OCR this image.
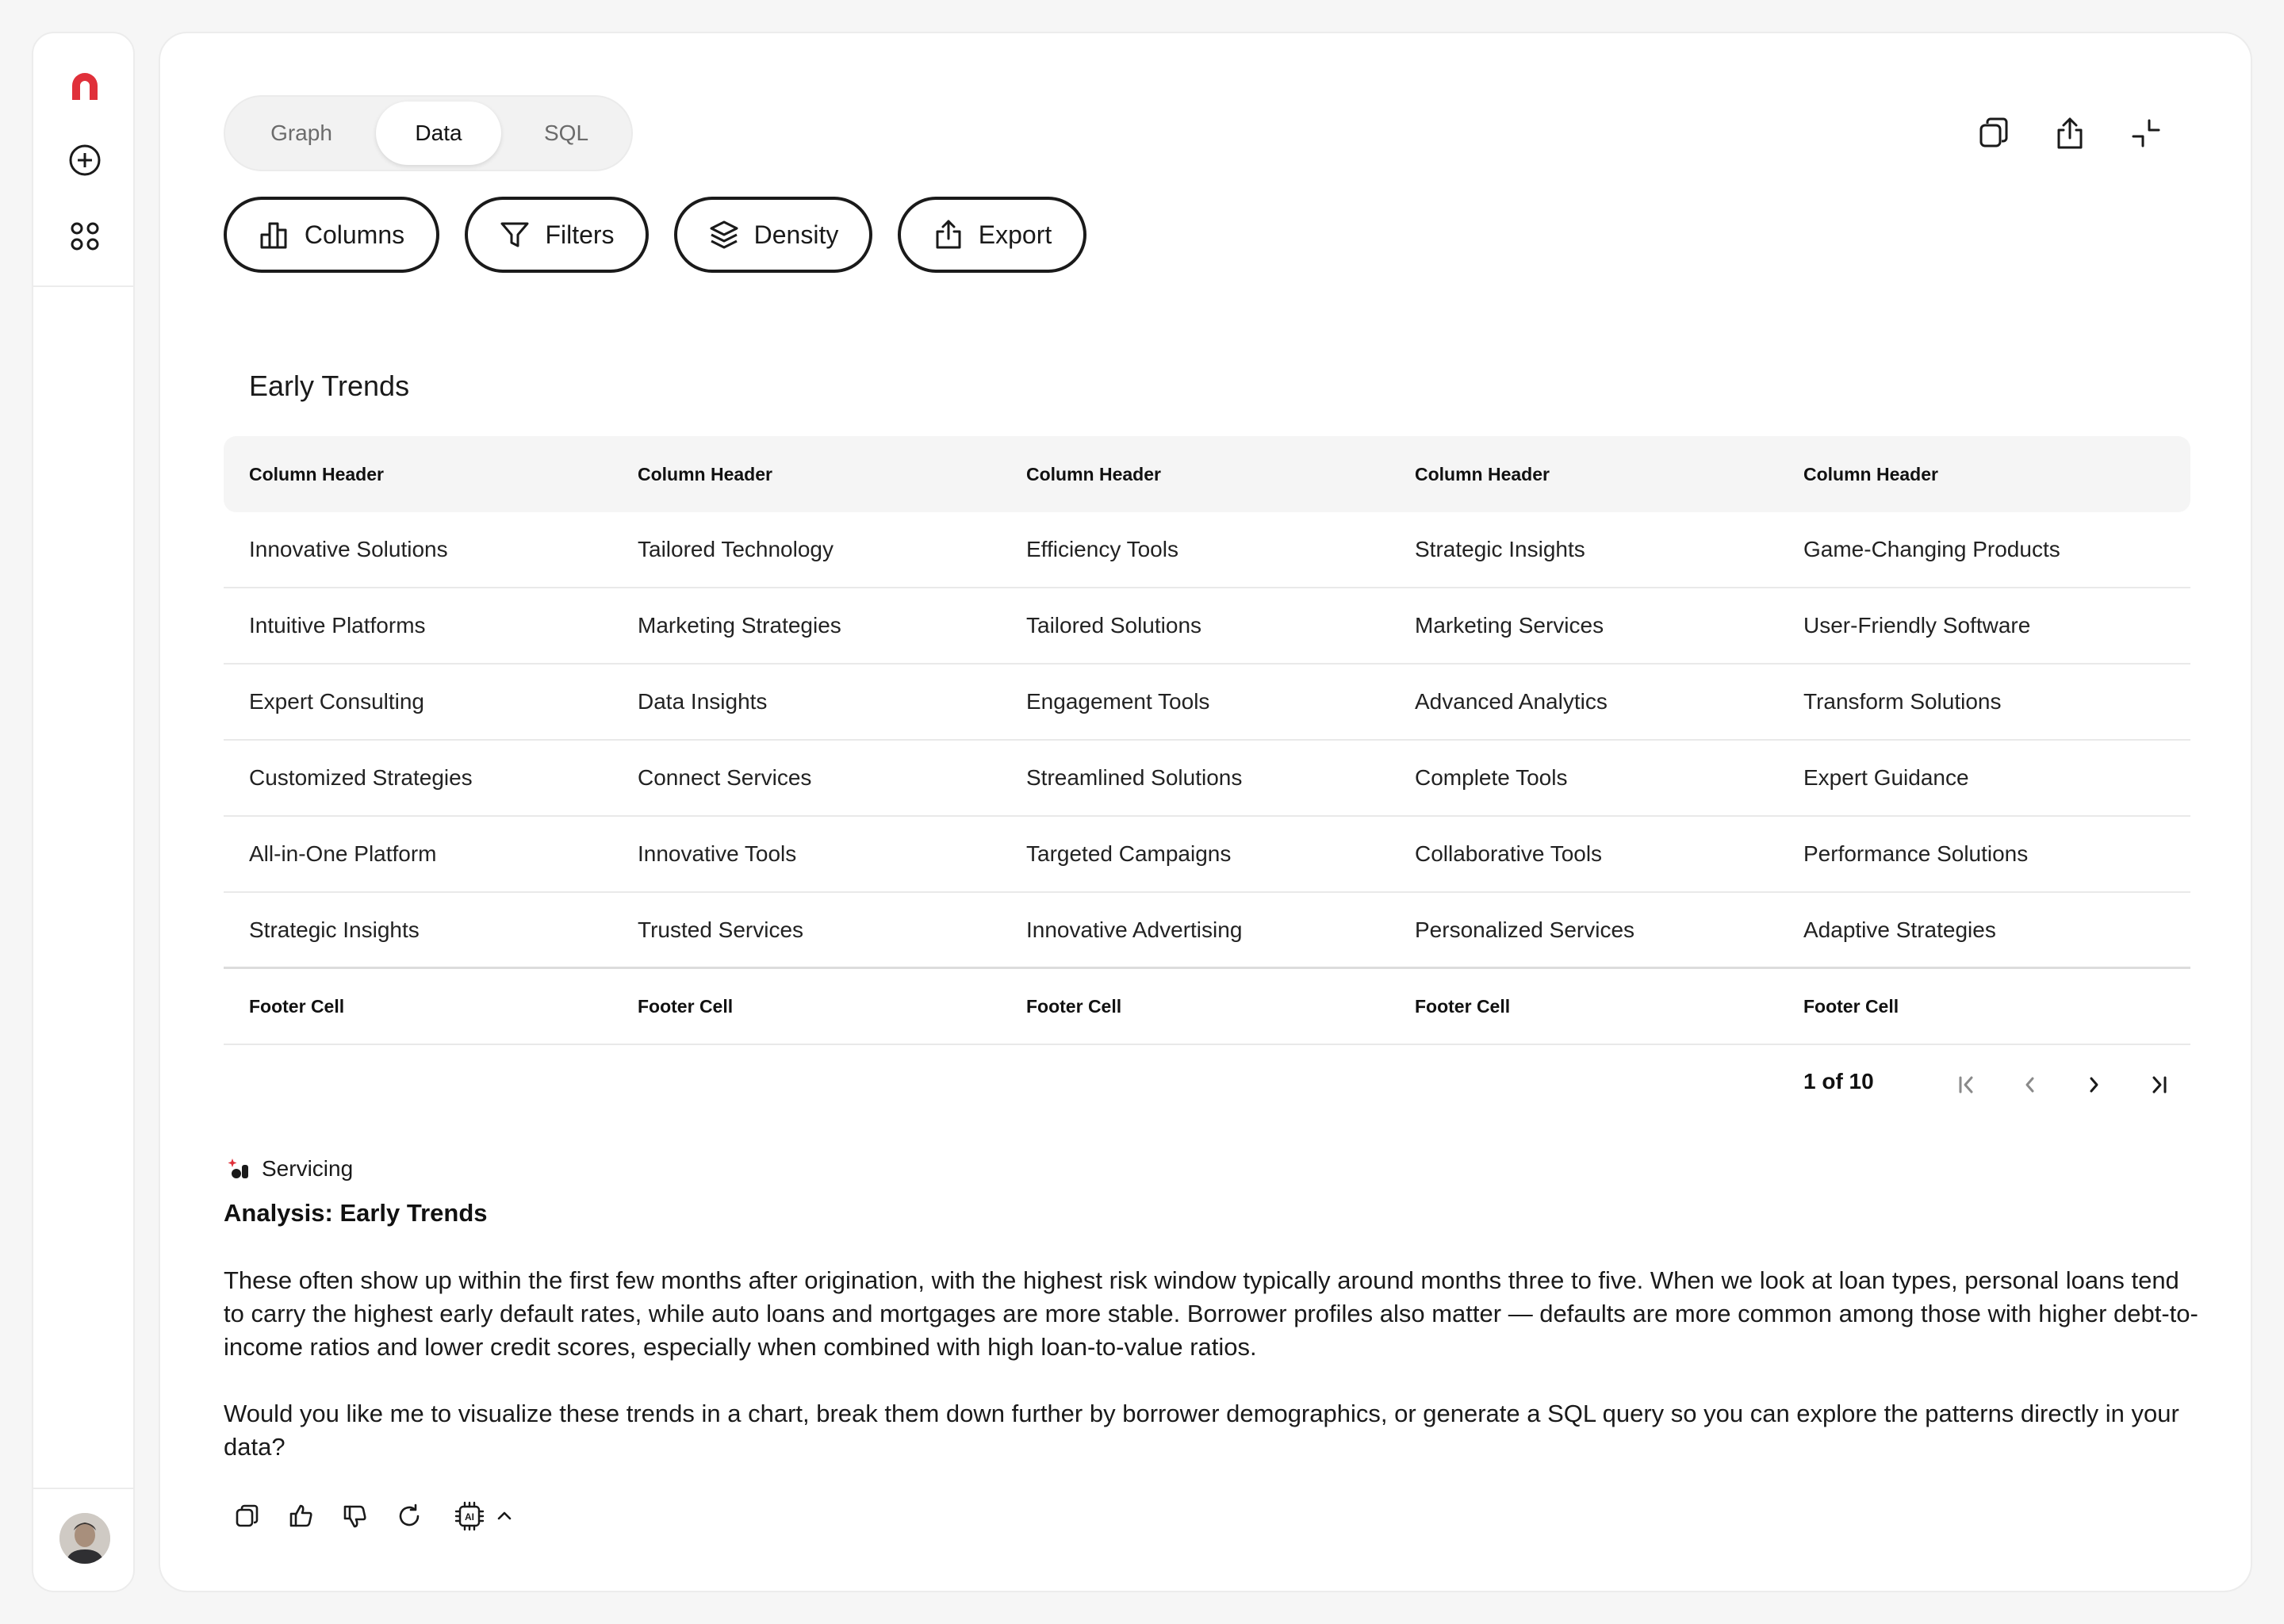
Graph	Data	SQL
Columns	Filters	Density	Export
Early Trends
Column Header	Column Header	Column Header	Column Header	Column Header
Innovative Solutions	Tailored Technology	Efficiency Tools	Strategic Insights	Game-Changing Products
Intuitive Platforms	Marketing Strategies	Tailored Solutions	Marketing Services	User-Friendly Software
Expert Consulting	Data Insights	Engagement Tools	Advanced Analytics	Transform Solutions
Customized Strategies	Connect Services	Streamlined Solutions	Complete Tools	Expert Guidance
All-in-One Platform	Innovative Tools	Targeted Campaigns	Collaborative Tools	Performance Solutions
Strategic Insights	Trusted Services	Innovative Advertising	Personalized Services	Adaptive Strategies
Footer Cell	Footer Cell	Footer Cell	Footer Cell	Footer Cell
1 of 10
Servicing
Analysis: Early Trends
These often show up within the first few months after origination, with the highest risk window typically around months three to five. When we look at loan types, personal loans tend to carry the highest early default rates, while auto loans and mortgages are more stable. Borrower profiles also matter — defaults are more common among those with higher debt-to-income ratios and lower credit scores, especially when combined with high loan-to-value ratios.
Would you like me to visualize these trends in a chart, break them down further by borrower demographics, or generate a SQL query so you can explore the patterns directly in your data?
AI
